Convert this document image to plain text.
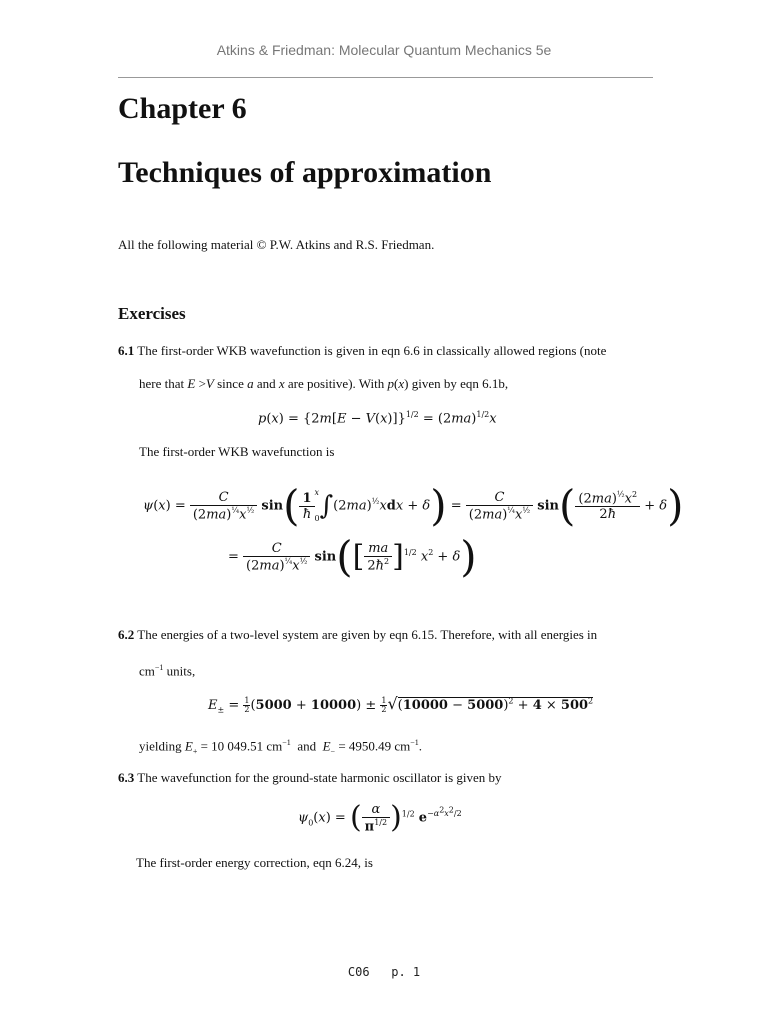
Atkins & Friedman: Molecular Quantum Mechanics 5e
Chapter 6
Techniques of approximation
All the following material © P.W. Atkins and R.S. Friedman.
Exercises
6.1 The first-order WKB wavefunction is given in eqn 6.6 in classically allowed regions (note
here that E >V since a and x are positive). With p(x) given by eqn 6.1b,
$p(x) = \{2m[E - V(x)]\}^{1/2} = (2ma)^{1/2}x$
The first-order WKB wavefunction is
$\psi(x) = \frac{C}{(2ma)^{\frac{1}{4}}x^{\frac{1}{2}}} \sin( \frac{1}{ħ}$ x
$0\int(2ma)^{\frac{1}{2}}xdx + \delta) = \frac{C}{(2ma)^{\frac{1}{4}}x^{\frac{1}{2}}} \sin( \frac{(2ma)^{\frac{1}{2}}x^2}{2ħ} + \delta)$
= $\frac{C}{(2ma)^{\frac{1}{4}}x^{\frac{1}{2}}} \sin([ \frac{ma}{2ħ^2} ]^{1/2}$ $x^2 + \delta$)
6.2 The energies of a two-level system are given by eqn 6.15. Therefore, with all energies in
$cm^{-1}$ units,
$E_\pm = \frac{1}{2} (5000 + 10000) \pm \frac{1}{2} √(10000 - 5000)^2 + 4 \times 500^2$
yielding $E_+ = 10$ 049.51 $cm^{-1}$  and  $E_- = 4950.49$ $cm^{-1}$.
6.3 The wavefunction for the ground-state harmonic oscillator is given by
$\psi_0(x)$ = ( $\frac{\alpha}{\pi^{1/2}} )^{1/2}$ $e^{-\alpha^2x^2/2}$
The first-order energy correction, eqn 6.24, is
C06   p. 1
